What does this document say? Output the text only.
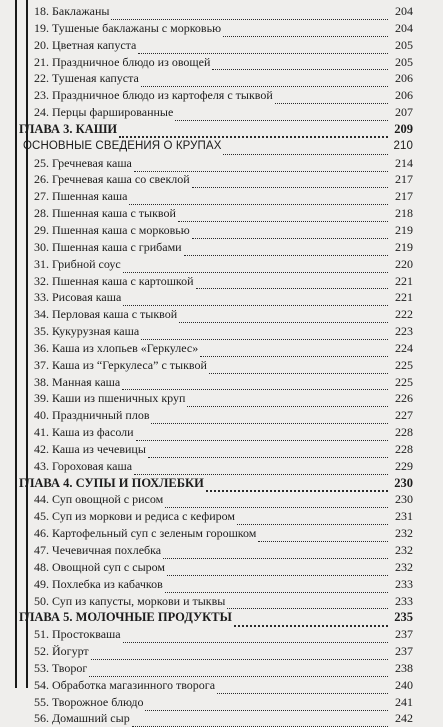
18. Баклажаны	204
19. Тушеные баклажаны с морковью	204
20. Цветная капуста	205
21. Праздничное блюдо из овощей	205
22. Тушеная капуста	206
23. Праздничное блюдо из картофеля с тыквой	206
24. Перцы фаршированные	207
ГЛАВА 3. КАШИ	209
ОСНОВНЫЕ СВЕДЕНИЯ О КРУПАХ	210
25. Гречневая каша	214
26. Гречневая каша со свеклой	217
27. Пшенная каша	217
28. Пшенная каша с тыквой	218
29. Пшенная каша с морковью	219
30. Пшенная каша с грибами	219
31. Грибной соус	220
32. Пшенная каша с картошкой	221
33. Рисовая каша	221
34. Перловая каша с тыквой	222
35. Кукурузная каша	223
36. Каша из хлопьев «Геркулес»	224
37. Каша из “Геркулеса” с тыквой	225
38. Манная каша	225
39. Каши из пшеничных круп	226
40. Праздничный плов	227
41. Каша из фасоли	228
42. Каша из чечевицы	228
43. Гороховая каша	229
ГЛАВА 4. СУПЫ И ПОХЛЕБКИ	230
44. Суп овощной с рисом	230
45. Суп из моркови и редиса с кефиром	231
46. Картофельный суп с зеленым горошком	232
47. Чечевичная похлебка	232
48. Овощной суп с сыром	232
49. Похлебка из кабачков	233
50. Суп из капусты, моркови и тыквы	233
ГЛАВА 5. МОЛОЧНЫЕ ПРОДУКТЫ	235
51. Простокваша	237
52. Йогурт	237
53. Творог	238
54. Обработка магазинного творога	240
55. Творожное блюдо	241
56. Домашний сыр	242
